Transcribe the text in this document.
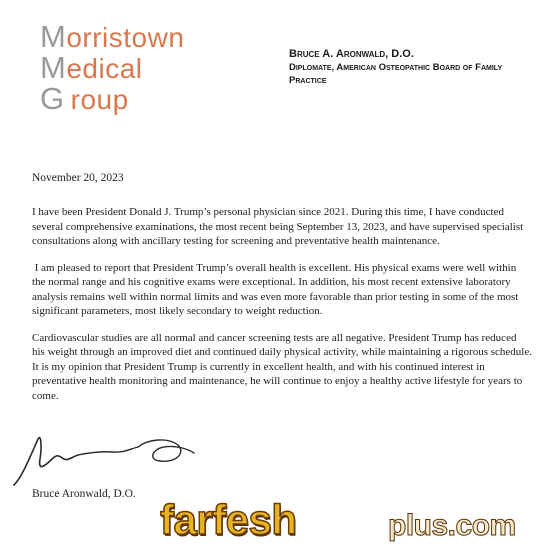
Morristown
Medical
G roup
Bruce A. Aronwald, D.O.
Diplomate, American Osteopathic Board of Family
Practice
November 20, 2023

I have been President Donald J. Trump’s personal physician since 2021. During this time, I have conducted several comprehensive examinations, the most recent being September 13, 2023, and have supervised specialist consultations along with ancillary testing for screening and preventative health maintenance.

I am pleased to report that President Trump’s overall health is excellent. His physical exams were well within the normal range and his cognitive exams were exceptional. In addition, his most recent extensive laboratory analysis remains well within normal limits and was even more favorable than prior testing in some of the most significant parameters, most likely secondary to weight reduction.

Cardiovascular studies are all normal and cancer screening tests are all negative. President Trump has reduced his weight through an improved diet and continued daily physical activity, while maintaining a rigorous schedule. It is my opinion that President Trump is currently in excellent health, and with his continued interest in preventative health monitoring and maintenance, he will continue to enjoy a healthy active lifestyle for years to come.

Bruce Aronwald, D.O.
farfesh	plus.com
